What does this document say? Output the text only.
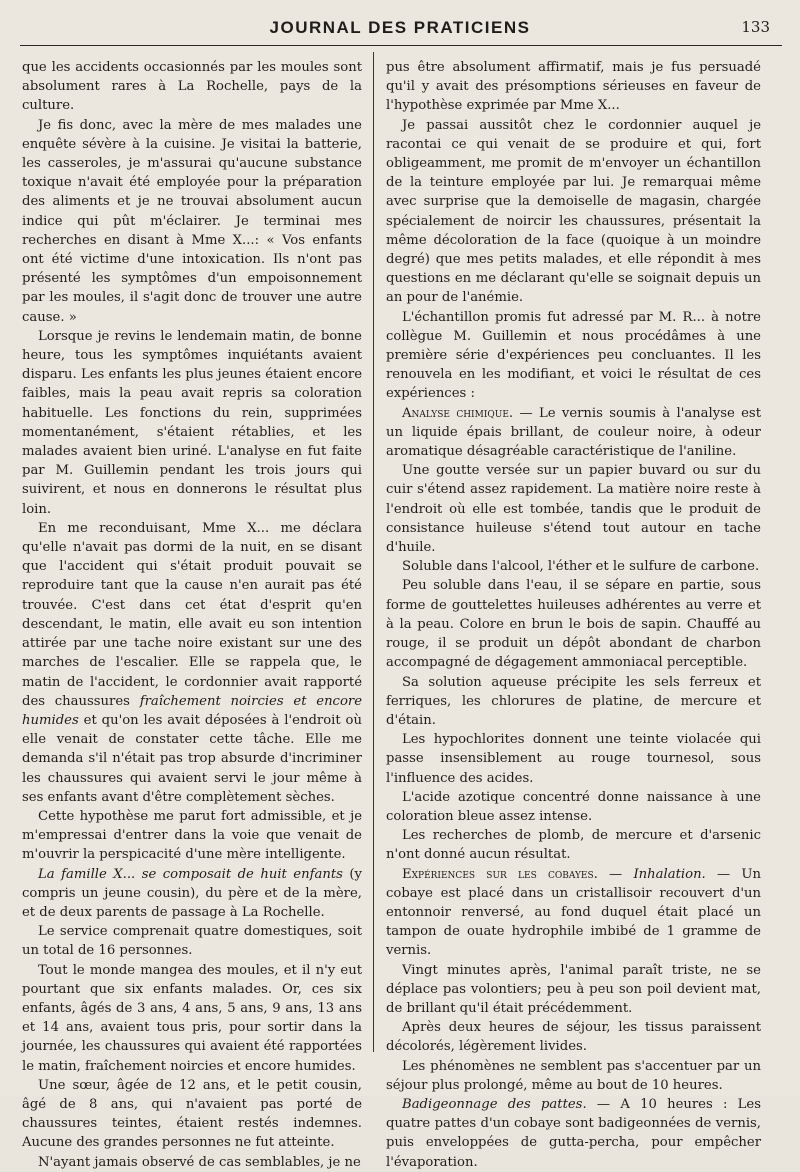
JOURNAL DES PRATICIENS	133

que les accidents occasionnés par les moules sont absolument rares à La Rochelle, pays de la culture.

Je fis donc, avec la mère de mes malades une enquête sévère à la cuisine. Je visitai la batterie, les casseroles, je m'assurai qu'aucune substance toxique n'avait été employée pour la préparation des aliments et je ne trouvai absolument aucun indice qui pût m'éclairer. Je terminai mes recherches en disant à Mme X...: « Vos enfants ont été victime d'une intoxication. Ils n'ont pas présenté les symptômes d'un empoisonnement par les moules, il s'agit donc de trouver une autre cause. »

Lorsque je revins le lendemain matin, de bonne heure, tous les symptômes inquiétants avaient disparu. Les enfants les plus jeunes étaient encore faibles, mais la peau avait repris sa coloration habituelle. Les fonctions du rein, supprimées momentanément, s'étaient rétablies, et les malades avaient bien uriné. L'analyse en fut faite par M. Guillemin pendant les trois jours qui suivirent, et nous en donnerons le résultat plus loin.

En me reconduisant, Mme X... me déclara qu'elle n'avait pas dormi de la nuit, en se disant que l'accident qui s'était produit pouvait se reproduire tant que la cause n'en aurait pas été trouvée. C'est dans cet état d'esprit qu'en descendant, le matin, elle avait eu son intention attirée par une tache noire existant sur une des marches de l'escalier. Elle se rappela que, le matin de l'accident, le cordonnier avait rapporté des chaussures fraîchement noircies et encore humides et qu'on les avait déposées à l'endroit où elle venait de constater cette tâche. Elle me demanda s'il n'était pas trop absurde d'incriminer les chaussures qui avaient servi le jour même à ses enfants avant d'être complètement sèches.

Cette hypothèse me parut fort admissible, et je m'empressai d'entrer dans la voie que venait de m'ouvrir la perspicacité d'une mère intelligente.

La famille X... se composait de huit enfants (y compris un jeune cousin), du père et de la mère, et de deux parents de passage à La Rochelle.

Le service comprenait quatre domestiques, soit un total de 16 personnes.

Tout le monde mangea des moules, et il n'y eut pourtant que six enfants malades. Or, ces six enfants, âgés de 3 ans, 4 ans, 5 ans, 9 ans, 13 ans et 14 ans, avaient tous pris, pour sortir dans la journée, les chaussures qui avaient été rapportées le matin, fraîchement noircies et encore humides.

Une sœur, âgée de 12 ans, et le petit cousin, âgé de 8 ans, qui n'avaient pas porté de chaussures teintes, étaient restés indemnes. Aucune des grandes personnes ne fut atteinte.

N'ayant jamais observé de cas semblables, je ne

pus être absolument affirmatif, mais je fus persuadé qu'il y avait des présomptions sérieuses en faveur de l'hypothèse exprimée par Mme X...

Je passai aussitôt chez le cordonnier auquel je racontai ce qui venait de se produire et qui, fort obligeamment, me promit de m'envoyer un échantillon de la teinture employée par lui. Je remarquai même avec surprise que la demoiselle de magasin, chargée spécialement de noircir les chaussures, présentait la même décoloration de la face (quoique à un moindre degré) que mes petits malades, et elle répondit à mes questions en me déclarant qu'elle se soignait depuis un an pour de l'anémie.

L'échantillon promis fut adressé par M. R... à notre collègue M. Guillemin et nous procédâmes à une première série d'expériences peu concluantes. Il les renouvela en les modifiant, et voici le résultat de ces expériences :

Analyse chimique. — Le vernis soumis à l'analyse est un liquide épais brillant, de couleur noire, à odeur aromatique désagréable caractéristique de l'aniline.

Une goutte versée sur un papier buvard ou sur du cuir s'étend assez rapidement. La matière noire reste à l'endroit où elle est tombée, tandis que le produit de consistance huileuse s'étend tout autour en tache d'huile.

Soluble dans l'alcool, l'éther et le sulfure de carbone.

Peu soluble dans l'eau, il se sépare en partie, sous forme de gouttelettes huileuses adhérentes au verre et à la peau. Colore en brun le bois de sapin. Chauffé au rouge, il se produit un dépôt abondant de charbon accompagné de dégagement ammoniacal perceptible.

Sa solution aqueuse précipite les sels ferreux et ferriques, les chlorures de platine, de mercure et d'étain.

Les hypochlorites donnent une teinte violacée qui passe insensiblement au rouge tournesol, sous l'influence des acides.

L'acide azotique concentré donne naissance à une coloration bleue assez intense.

Les recherches de plomb, de mercure et d'arsenic n'ont donné aucun résultat.

Expériences sur les cobayes. — Inhalation. — Un cobaye est placé dans un cristallisoir recouvert d'un entonnoir renversé, au fond duquel était placé un tampon de ouate hydrophile imbibé de 1 gramme de vernis.

Vingt minutes après, l'animal paraît triste, ne se déplace pas volontiers; peu à peu son poil devient mat, de brillant qu'il était précédemment.

Après deux heures de séjour, les tissus paraissent décolorés, légèrement livides.

Les phénomènes ne semblent pas s'accentuer par un séjour plus prolongé, même au bout de 10 heures.

Badigeonnage des pattes. — A 10 heures : Les quatre pattes d'un cobaye sont badigeonnées de vernis, puis enveloppées de gutta-percha, pour empêcher l'évaporation.
